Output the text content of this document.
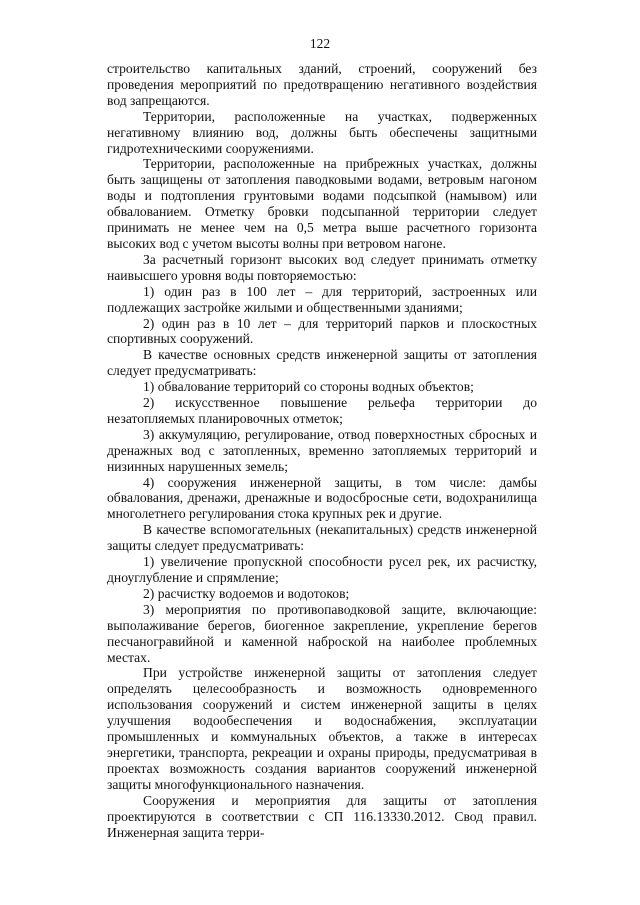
122

строительство капитальных зданий, строений, сооружений без проведения мероприятий по предотвращению негативного воздействия вод запрещаются.

Территории, расположенные на участках, подверженных негативному влиянию вод, должны быть обеспечены защитными гидротехническими сооружениями.

Территории, расположенные на прибрежных участках, должны быть защищены от затопления паводковыми водами, ветровым нагоном воды и подтопления грунтовыми водами подсыпкой (намывом) или обвалованием. Отметку бровки подсыпанной территории следует принимать не менее чем на 0,5 метра выше расчетного горизонта высоких вод с учетом высоты волны при ветровом нагоне.

За расчетный горизонт высоких вод следует принимать отметку наивысшего уровня воды повторяемостью:

1) один раз в 100 лет – для территорий, застроенных или подлежащих застройке жилыми и общественными зданиями;

2) один раз в 10 лет – для территорий парков и плоскостных спортивных сооружений.

В качестве основных средств инженерной защиты от затопления следует предусматривать:

1) обвалование территорий со стороны водных объектов;

2) искусственное повышение рельефа территории до незатопляемых планировочных отметок;

3) аккумуляцию, регулирование, отвод поверхностных сбросных и дренажных вод с затопленных, временно затопляемых территорий и низинных нарушенных земель;

4) сооружения инженерной защиты, в том числе: дамбы обвалования, дренажи, дренажные и водосбросные сети, водохранилища многолетнего регулирования стока крупных рек и другие.

В качестве вспомогательных (некапитальных) средств инженерной защиты следует предусматривать:

1) увеличение пропускной способности русел рек, их расчистку, дноуглубление и спрямление;

2) расчистку водоемов и водотоков;

3) мероприятия по противопаводковой защите, включающие: выполаживание берегов, биогенное закрепление, укрепление берегов песчаногравийной и каменной наброской на наиболее проблемных местах.

При устройстве инженерной защиты от затопления следует определять целесообразность и возможность одновременного использования сооружений и систем инженерной защиты в целях улучшения водообеспечения и водоснабжения, эксплуатации промышленных и коммунальных объектов, а также в интересах энергетики, транспорта, рекреации и охраны природы, предусматривая в проектах возможность создания вариантов сооружений инженерной защиты многофункционального назначения.

Сооружения и мероприятия для защиты от затопления проектируются в соответствии с СП 116.13330.2012. Свод правил. Инженерная защита терри-
